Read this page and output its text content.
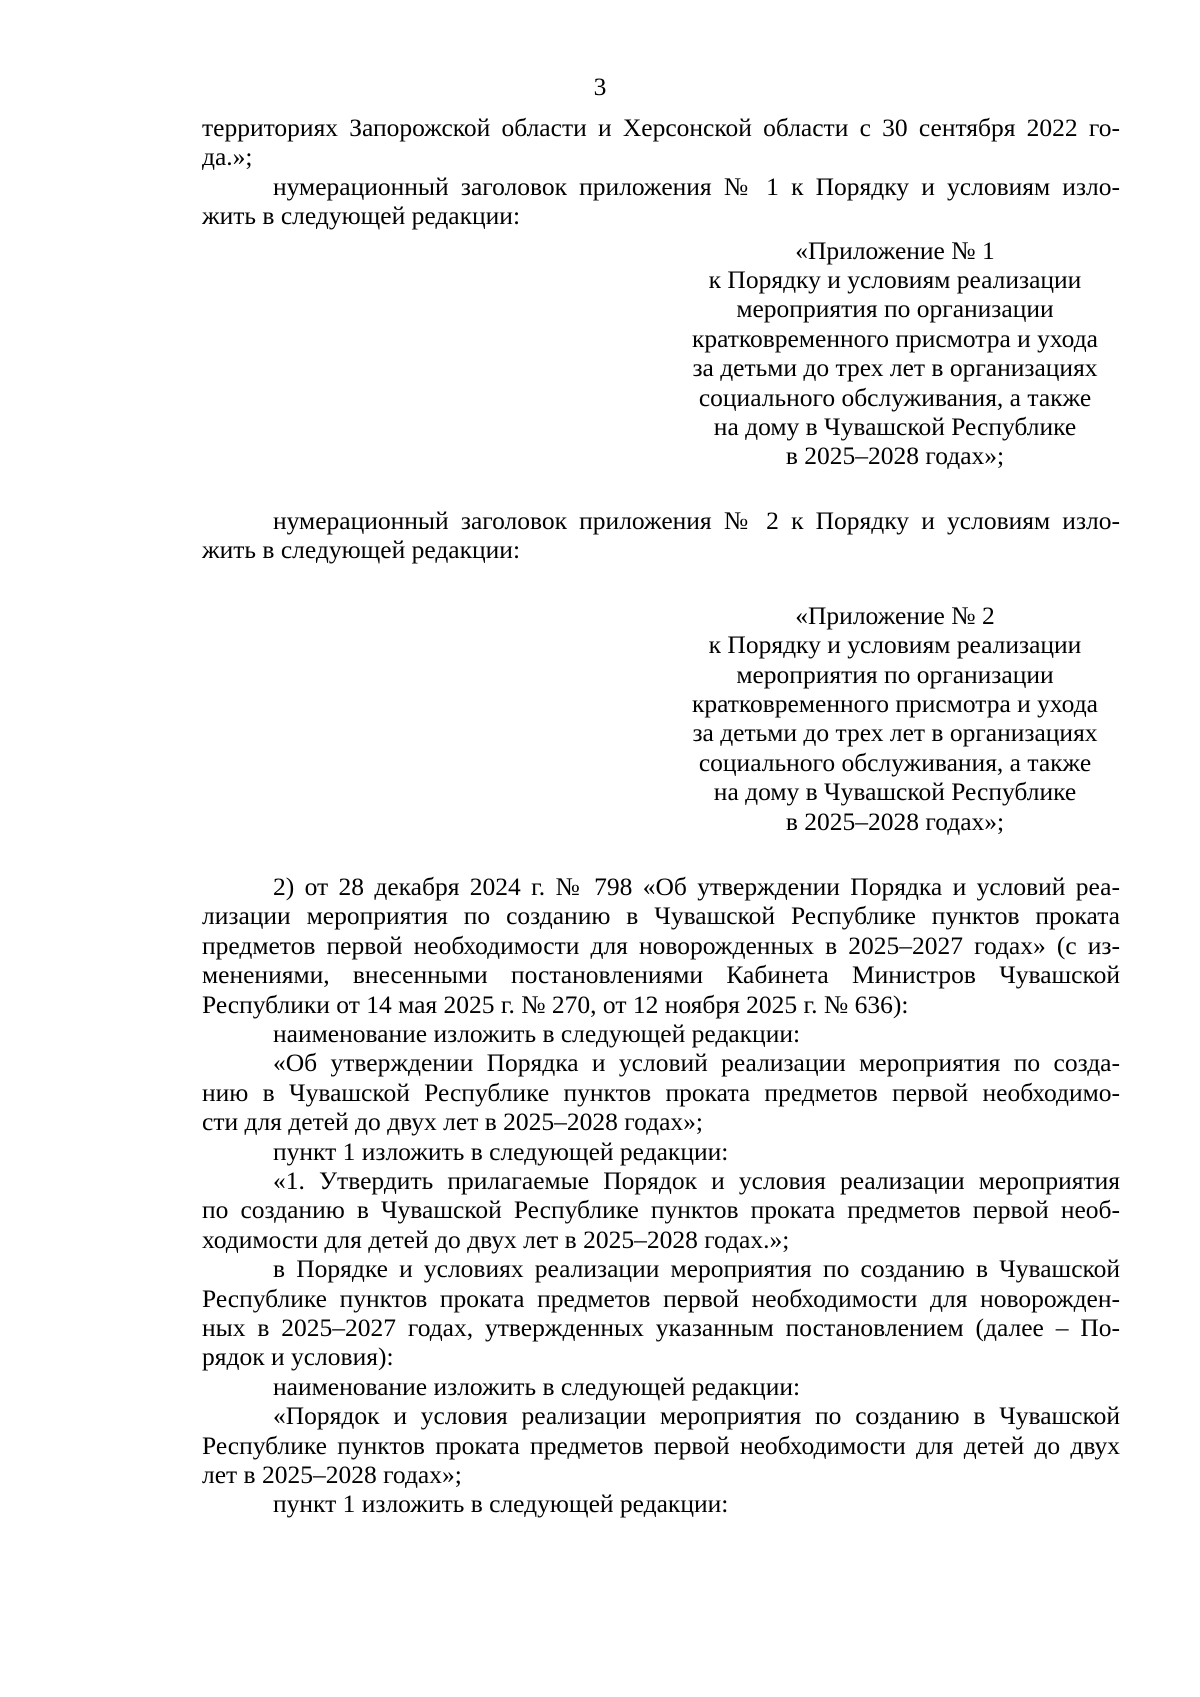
3
территориях Запорожской области и Херсонской области с 30 сентября 2022 го-
да.»;
нумерационный заголовок приложения № 1 к Порядку и условиям изло-
жить в следующей редакции:
«Приложение № 1
к Порядку и условиям реализации
мероприятия по организации
кратковременного присмотра и ухода
за детьми до трех лет в организациях
социального обслуживания, а также
на дому в Чувашской Республике
в 2025–2028 годах»;
нумерационный заголовок приложения № 2 к Порядку и условиям изло-
жить в следующей редакции:
«Приложение № 2
к Порядку и условиям реализации
мероприятия по организации
кратковременного присмотра и ухода
за детьми до трех лет в организациях
социального обслуживания, а также
на дому в Чувашской Республике
в 2025–2028 годах»;
2) от 28 декабря 2024 г. № 798 «Об утверждении Порядка и условий реа-
лизации мероприятия по созданию в Чувашской Республике пунктов проката
предметов первой необходимости для новорожденных в 2025–2027 годах» (с из-
менениями, внесенными постановлениями Кабинета Министров Чувашской
Республики от 14 мая 2025 г. № 270, от 12 ноября 2025 г. № 636):
наименование изложить в следующей редакции:
«Об утверждении Порядка и условий реализации мероприятия по созда-
нию в Чувашской Республике пунктов проката предметов первой необходимо-
сти для детей до двух лет в 2025–2028 годах»;
пункт 1 изложить в следующей редакции:
«1. Утвердить прилагаемые Порядок и условия реализации мероприятия
по созданию в Чувашской Республике пунктов проката предметов первой необ-
ходимости для детей до двух лет в 2025–2028 годах.»;
в Порядке и условиях реализации мероприятия по созданию в Чувашской
Республике пунктов проката предметов первой необходимости для новорожден-
ных в 2025–2027 годах, утвержденных указанным постановлением (далее – По-
рядок и условия):
наименование изложить в следующей редакции:
«Порядок и условия реализации мероприятия по созданию в Чувашской
Республике пунктов проката предметов первой необходимости для детей до двух
лет в 2025–2028 годах»;
пункт 1 изложить в следующей редакции:
